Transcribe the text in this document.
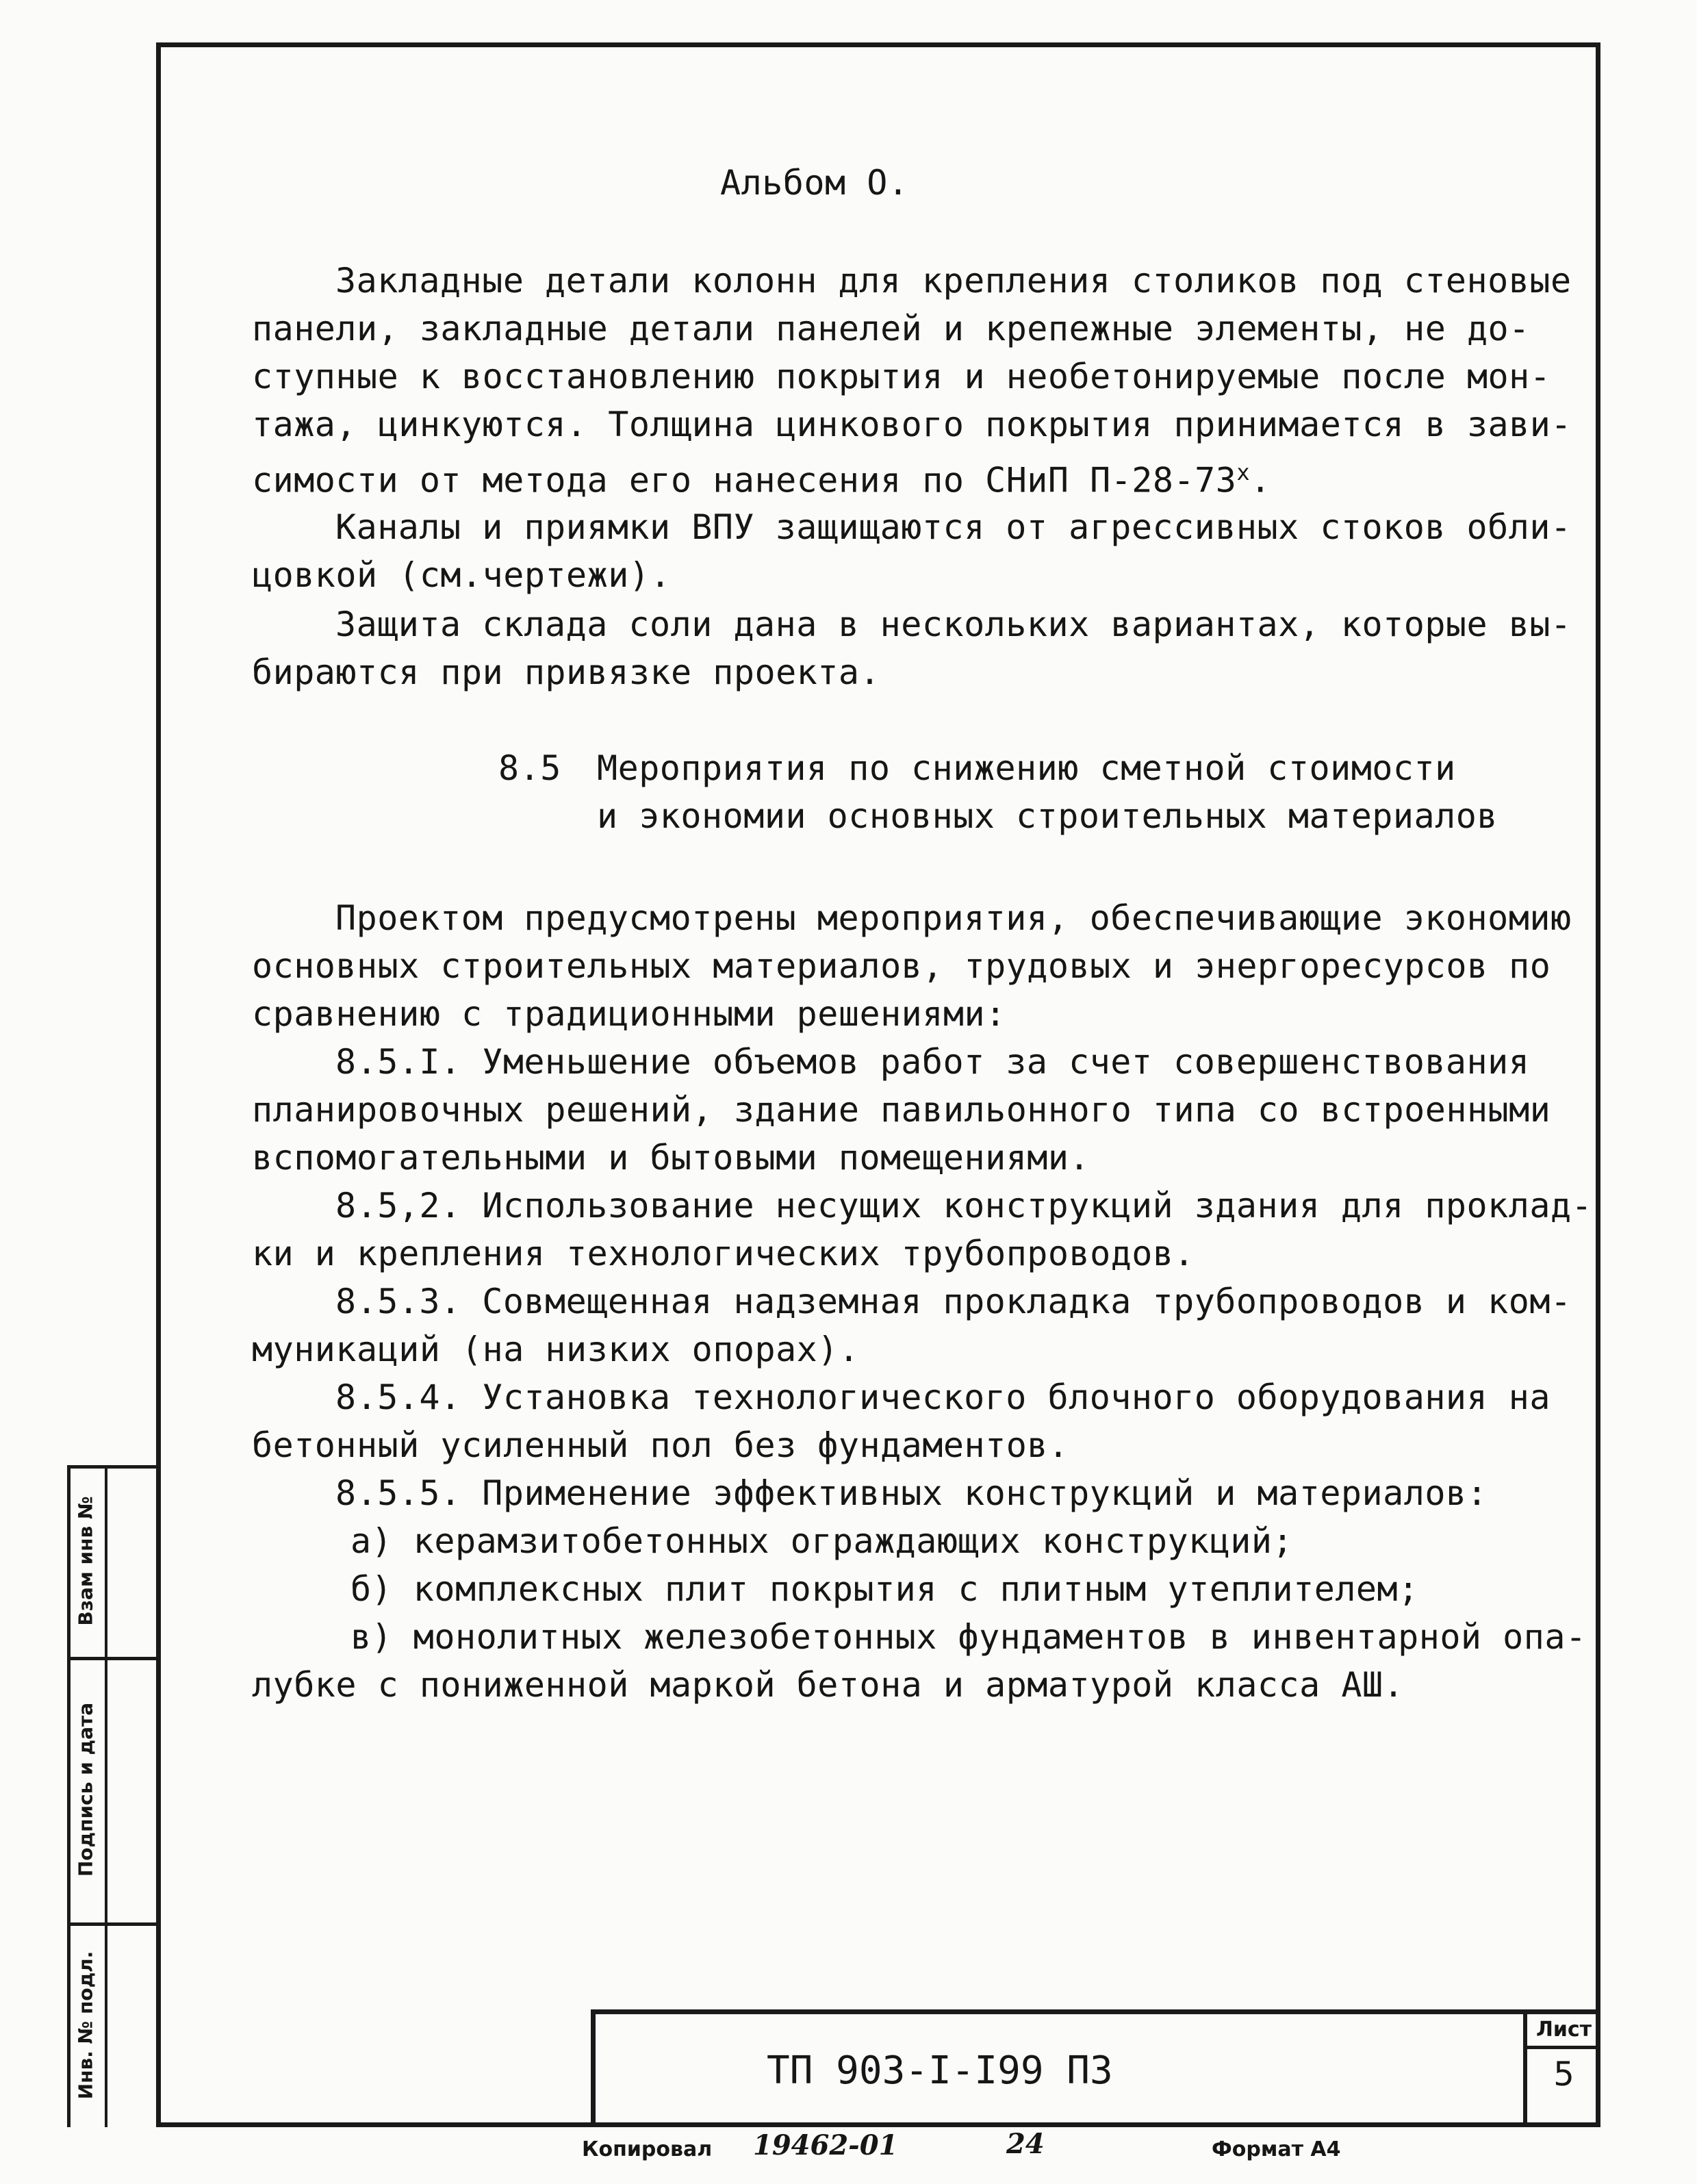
Альбом О.
Закладные детали колонн для крепления столиков под стеновые
панели, закладные детали панелей и крепежные элементы, не до-
ступные к восстановлению покрытия и необетонируемые после мон-
тажа, цинкуются. Толщина цинкового покрытия принимается в зави-
симости от метода его нанесения по СНиП $П-28-73^х$.
Каналы и приямки ВПУ защищаются от агрессивных стоков обли-
цовкой (см.чертежи).
Защита склада соли дана в нескольких вариантах, которые вы-
бираются при привязке проекта.
8.5 Мероприятия по снижению сметной стоимости
и экономии основных строительных материалов
Проектом предусмотрены мероприятия, обеспечивающие экономию
основных строительных материалов, трудовых и энергоресурсов по
сравнению с традиционными решениями:
8.5.I. Уменьшение объемов работ за счет совершенствования
планировочных решений, здание павильонного типа со встроенными
вспомогательными и бытовыми помещениями.
8.5,2. Использование несущих конструкций здания для проклад-
ки и крепления технологических трубопроводов.
8.5.3. Совмещенная надземная прокладка трубопроводов и ком-
муникаций (на низких опорах).
8.5.4. Установка технологического блочного оборудования на
бетонный усиленный пол без фундаментов.
8.5.5. Применение эффективных конструкций и материалов:
а) керамзитобетонных ограждающих конструкций;
б) комплексных плит покрытия с плитным утеплителем;
в) монолитных железобетонных фундаментов в инвентарной опа-
лубке с пониженной маркой бетона и арматурой класса АШ.
Взам инв №
Подпись и дата
Инв. № подл.	ТП 903-I-I99 ПЗ
Лист
5
Копировал 19462-01	24	Формат А4
